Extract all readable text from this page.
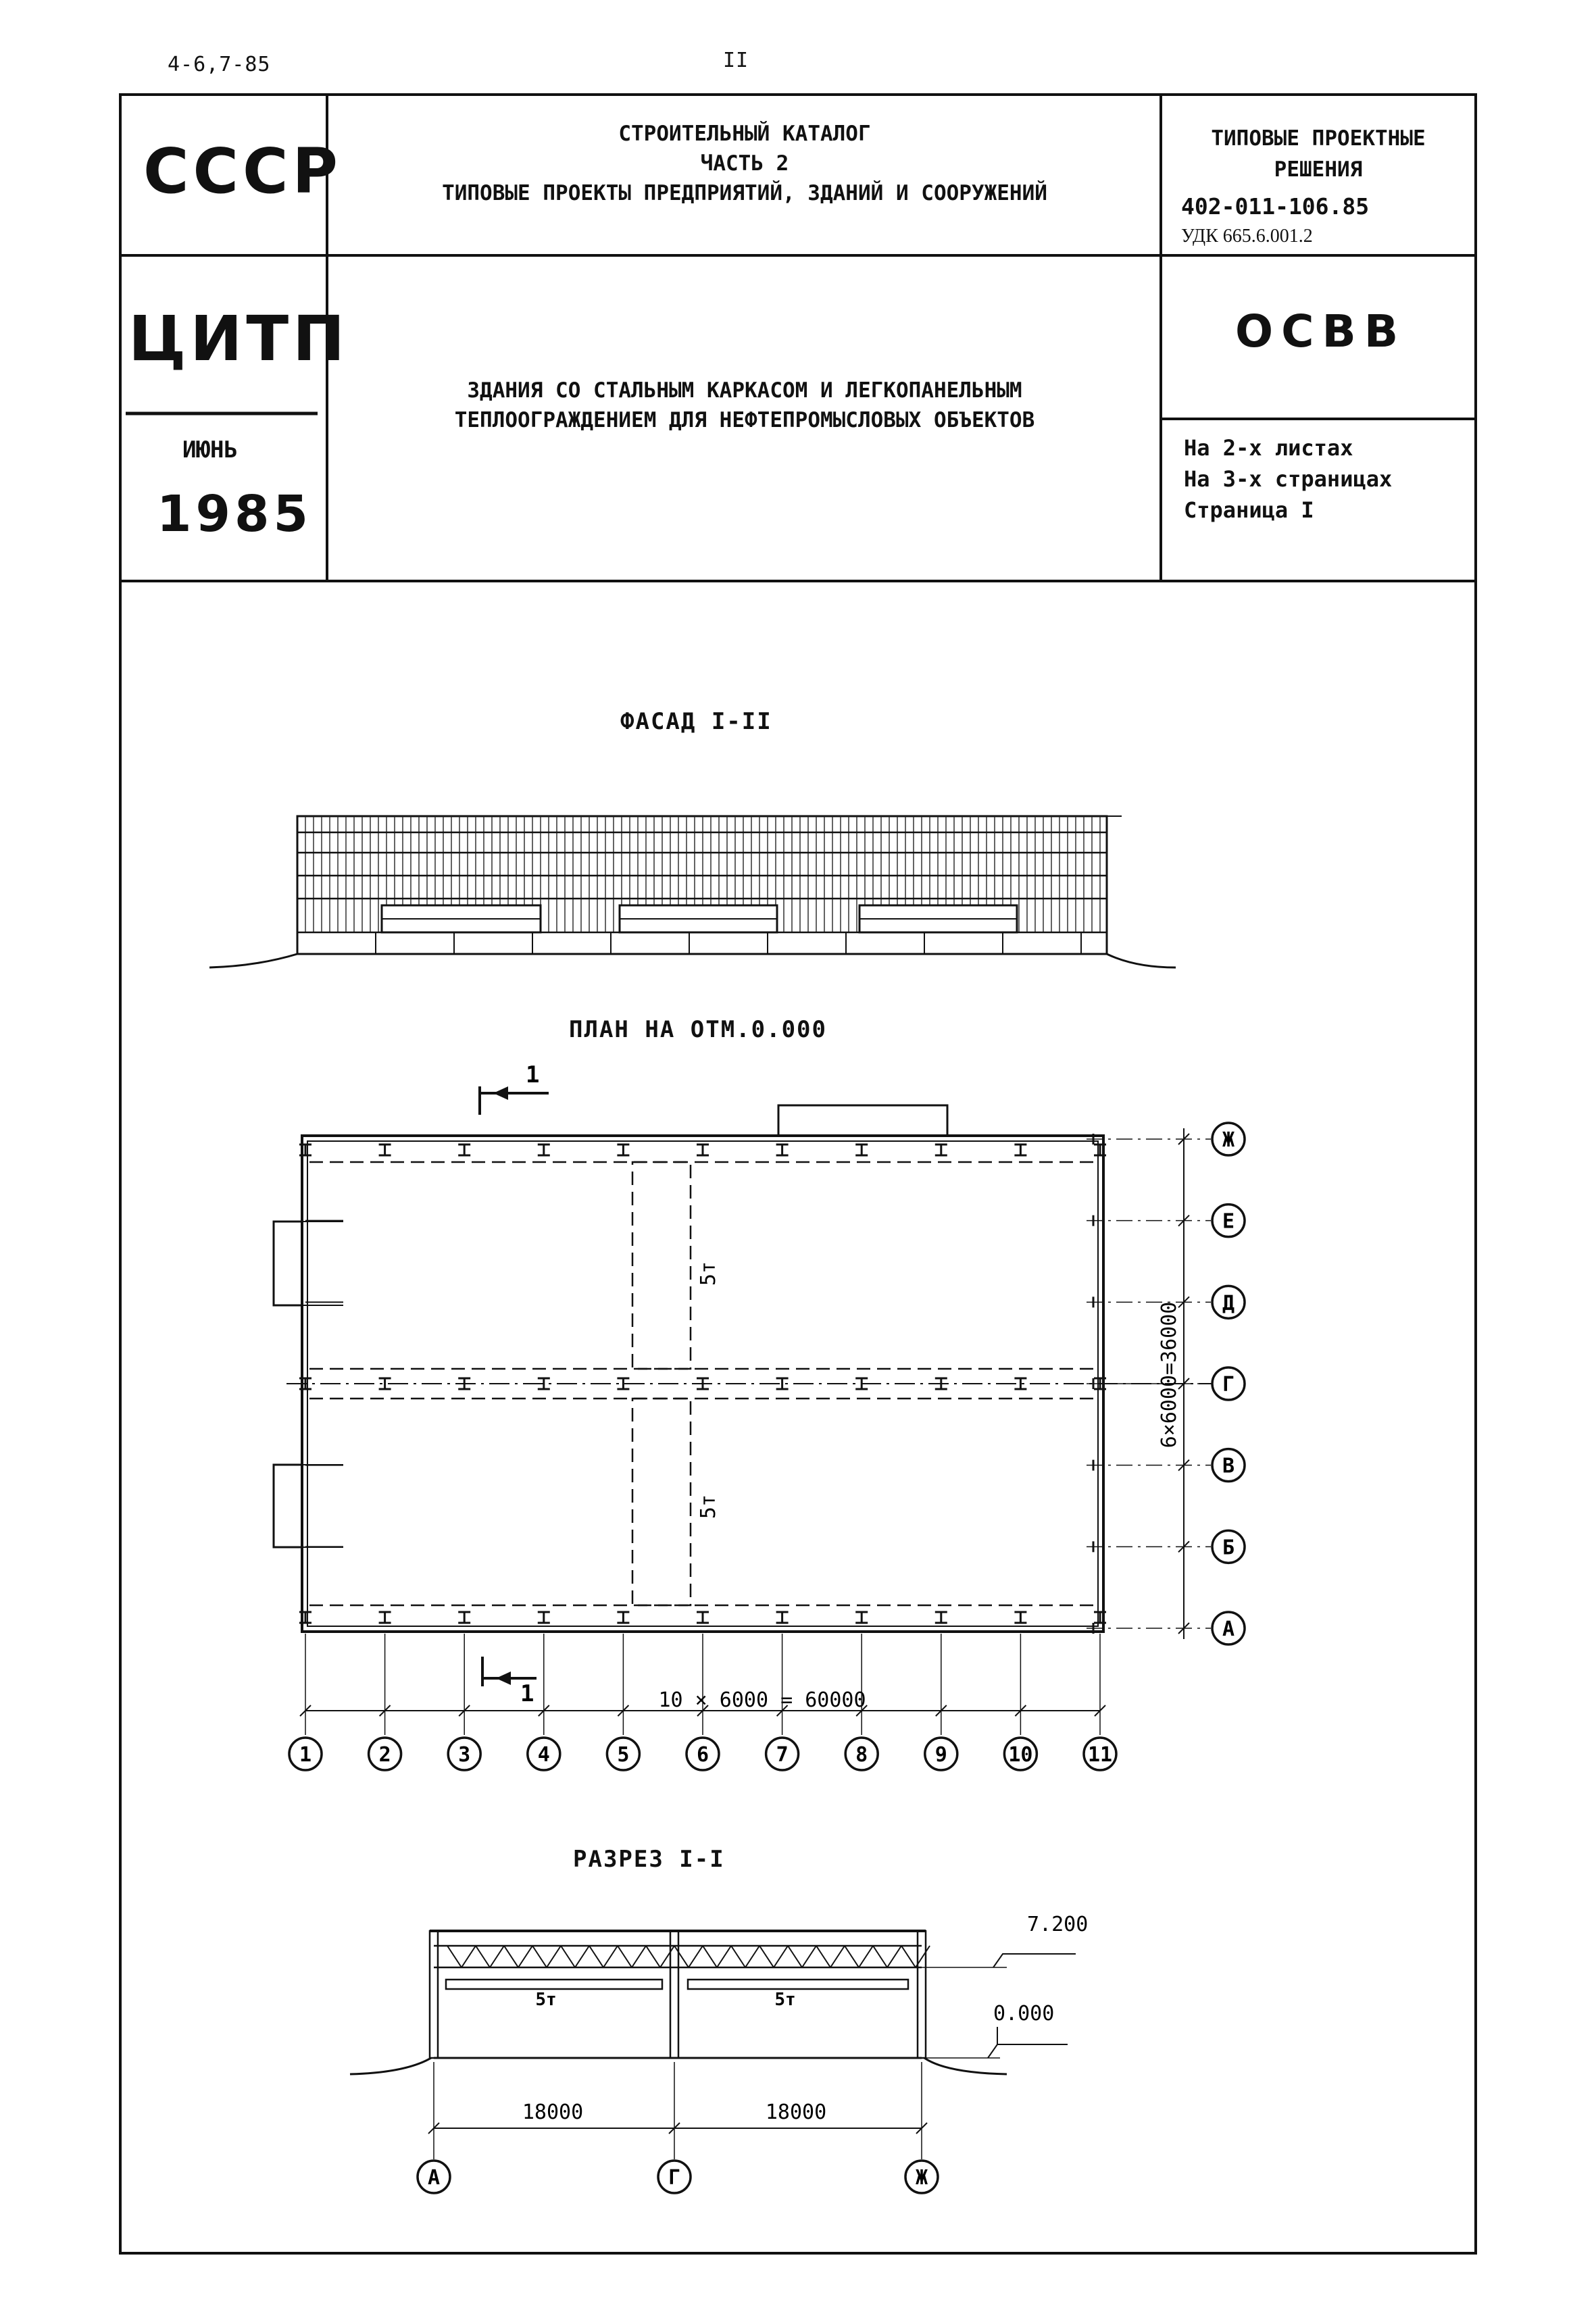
4-6,7-85	II
СССР
ЦИТП
ИЮНЬ
1985
СТРОИТЕЛЬНЫЙ КАТАЛОГ
ЧАСТЬ 2
ТИПОВЫЕ ПРОЕКТЫ ПРЕДПРИЯТИЙ, ЗДАНИЙ И СООРУЖЕНИЙ
ЗДАНИЯ СО СТАЛЬНЫМ КАРКАСОМ И ЛЕГКОПАНЕЛЬНЫМ
ТЕПЛООГРАЖДЕНИЕМ ДЛЯ НЕФТЕПРОМЫСЛОВЫХ ОБЪЕКТОВ
ТИПОВЫЕ ПРОЕКТНЫЕ
РЕШЕНИЯ
402-011-106.85
УДК 665.6.001.2
ОСВВ
На 2-х листах
На 3-х страницах
Страница I
ФАСАД I-II
ПЛАН НА ОТМ.0.000
РАЗРЕЗ I-I
10 × 6000 = 60000
6×6000=36000
5т
5т
1
1
1	2	3	4	5	6	7	8	9	10	11
Ж
Е
Д
Г
В
Б
А
18000	18000
7.200
0.000
5т	5т
А	Г	Ж
